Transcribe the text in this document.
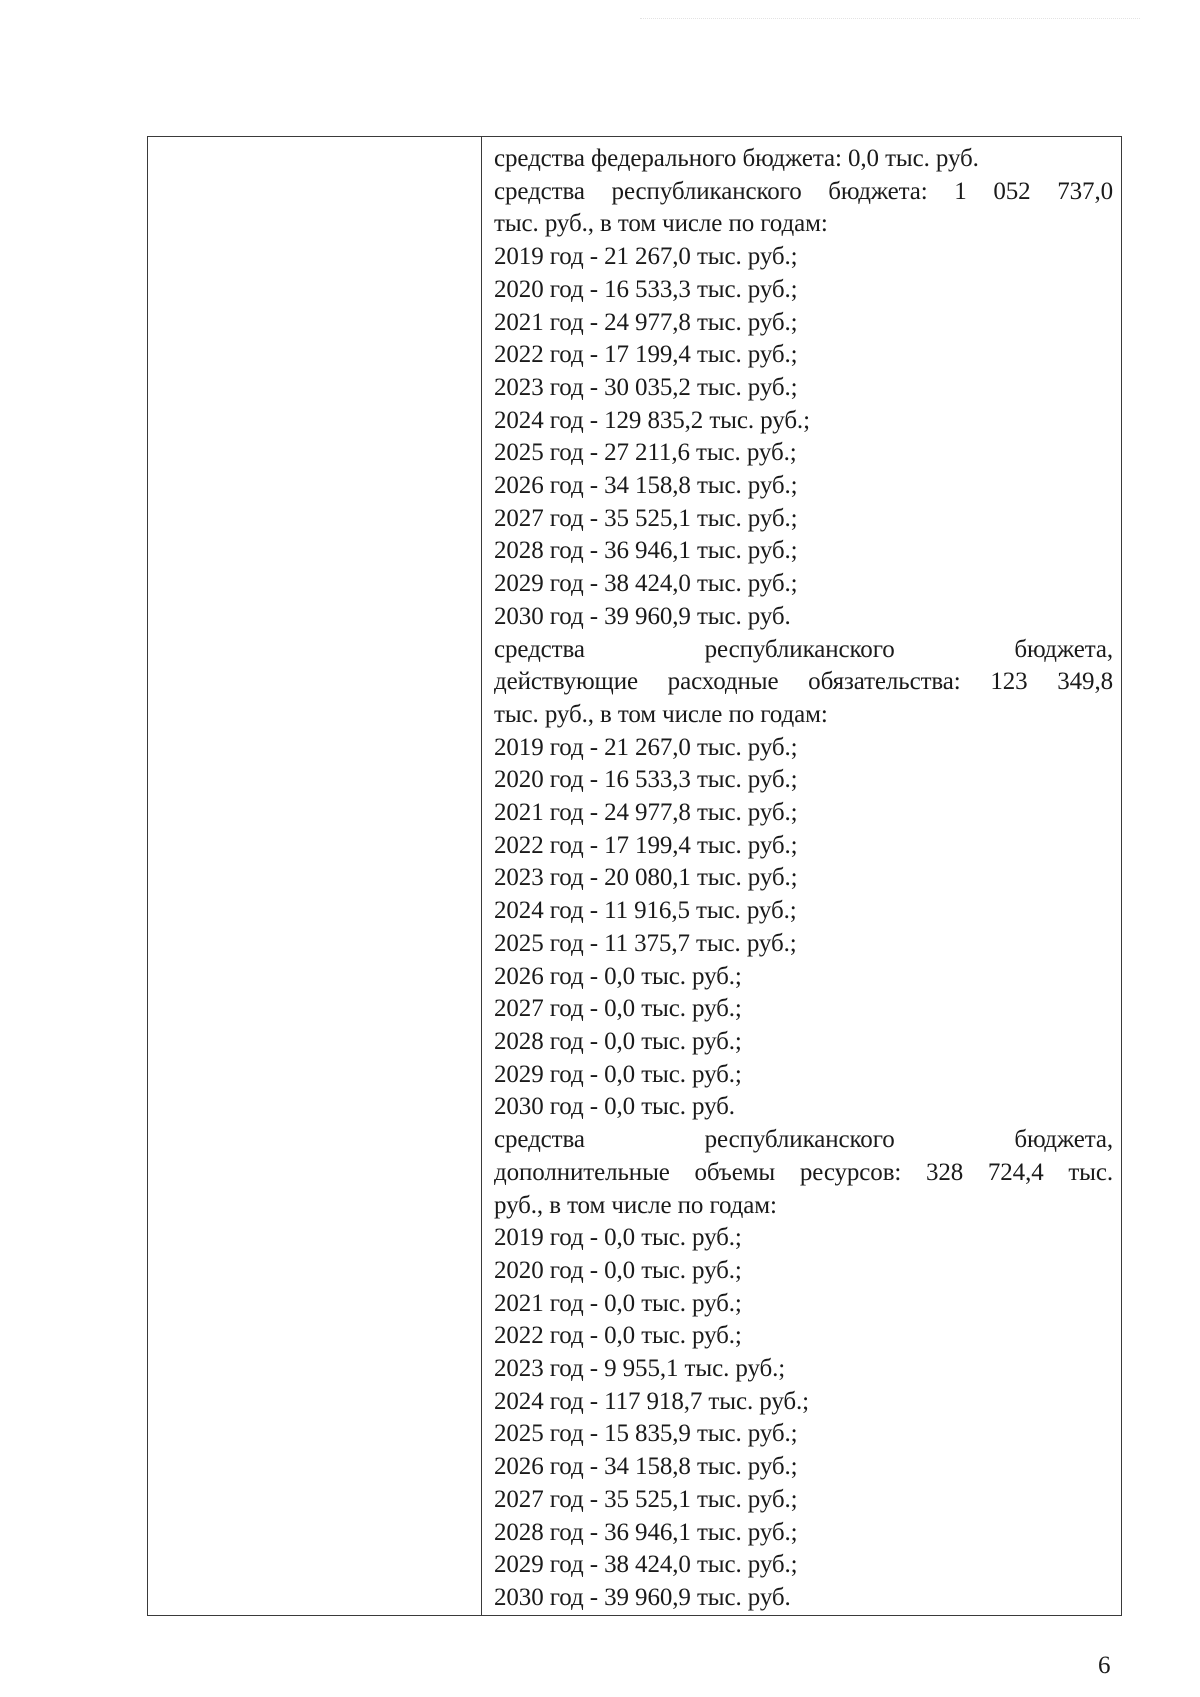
средства федерального бюджета: 0,0 тыс. руб.
средства республиканского бюджета: 1 052 737,0
тыс. руб., в том числе по годам:
2019 год - 21 267,0 тыс. руб.;
2020 год - 16 533,3 тыс. руб.;
2021 год - 24 977,8 тыс. руб.;
2022 год - 17 199,4 тыс. руб.;
2023 год - 30 035,2 тыс. руб.;
2024 год - 129 835,2 тыс. руб.;
2025 год - 27 211,6 тыс. руб.;
2026 год - 34 158,8 тыс. руб.;
2027 год - 35 525,1 тыс. руб.;
2028 год - 36 946,1 тыс. руб.;
2029 год - 38 424,0 тыс. руб.;
2030 год - 39 960,9 тыс. руб.
средства республиканского бюджета,
действующие расходные обязательства: 123 349,8
тыс. руб., в том числе по годам:
2019 год - 21 267,0 тыс. руб.;
2020 год - 16 533,3 тыс. руб.;
2021 год - 24 977,8 тыс. руб.;
2022 год - 17 199,4 тыс. руб.;
2023 год - 20 080,1 тыс. руб.;
2024 год - 11 916,5 тыс. руб.;
2025 год - 11 375,7 тыс. руб.;
2026 год - 0,0 тыс. руб.;
2027 год - 0,0 тыс. руб.;
2028 год - 0,0 тыс. руб.;
2029 год - 0,0 тыс. руб.;
2030 год - 0,0 тыс. руб.
средства республиканского бюджета,
дополнительные объемы ресурсов: 328 724,4 тыс.
руб., в том числе по годам:
2019 год - 0,0 тыс. руб.;
2020 год - 0,0 тыс. руб.;
2021 год - 0,0 тыс. руб.;
2022 год - 0,0 тыс. руб.;
2023 год - 9 955,1 тыс. руб.;
2024 год - 117 918,7 тыс. руб.;
2025 год - 15 835,9 тыс. руб.;
2026 год - 34 158,8 тыс. руб.;
2027 год - 35 525,1 тыс. руб.;
2028 год - 36 946,1 тыс. руб.;
2029 год - 38 424,0 тыс. руб.;
2030 год - 39 960,9 тыс. руб.
6
